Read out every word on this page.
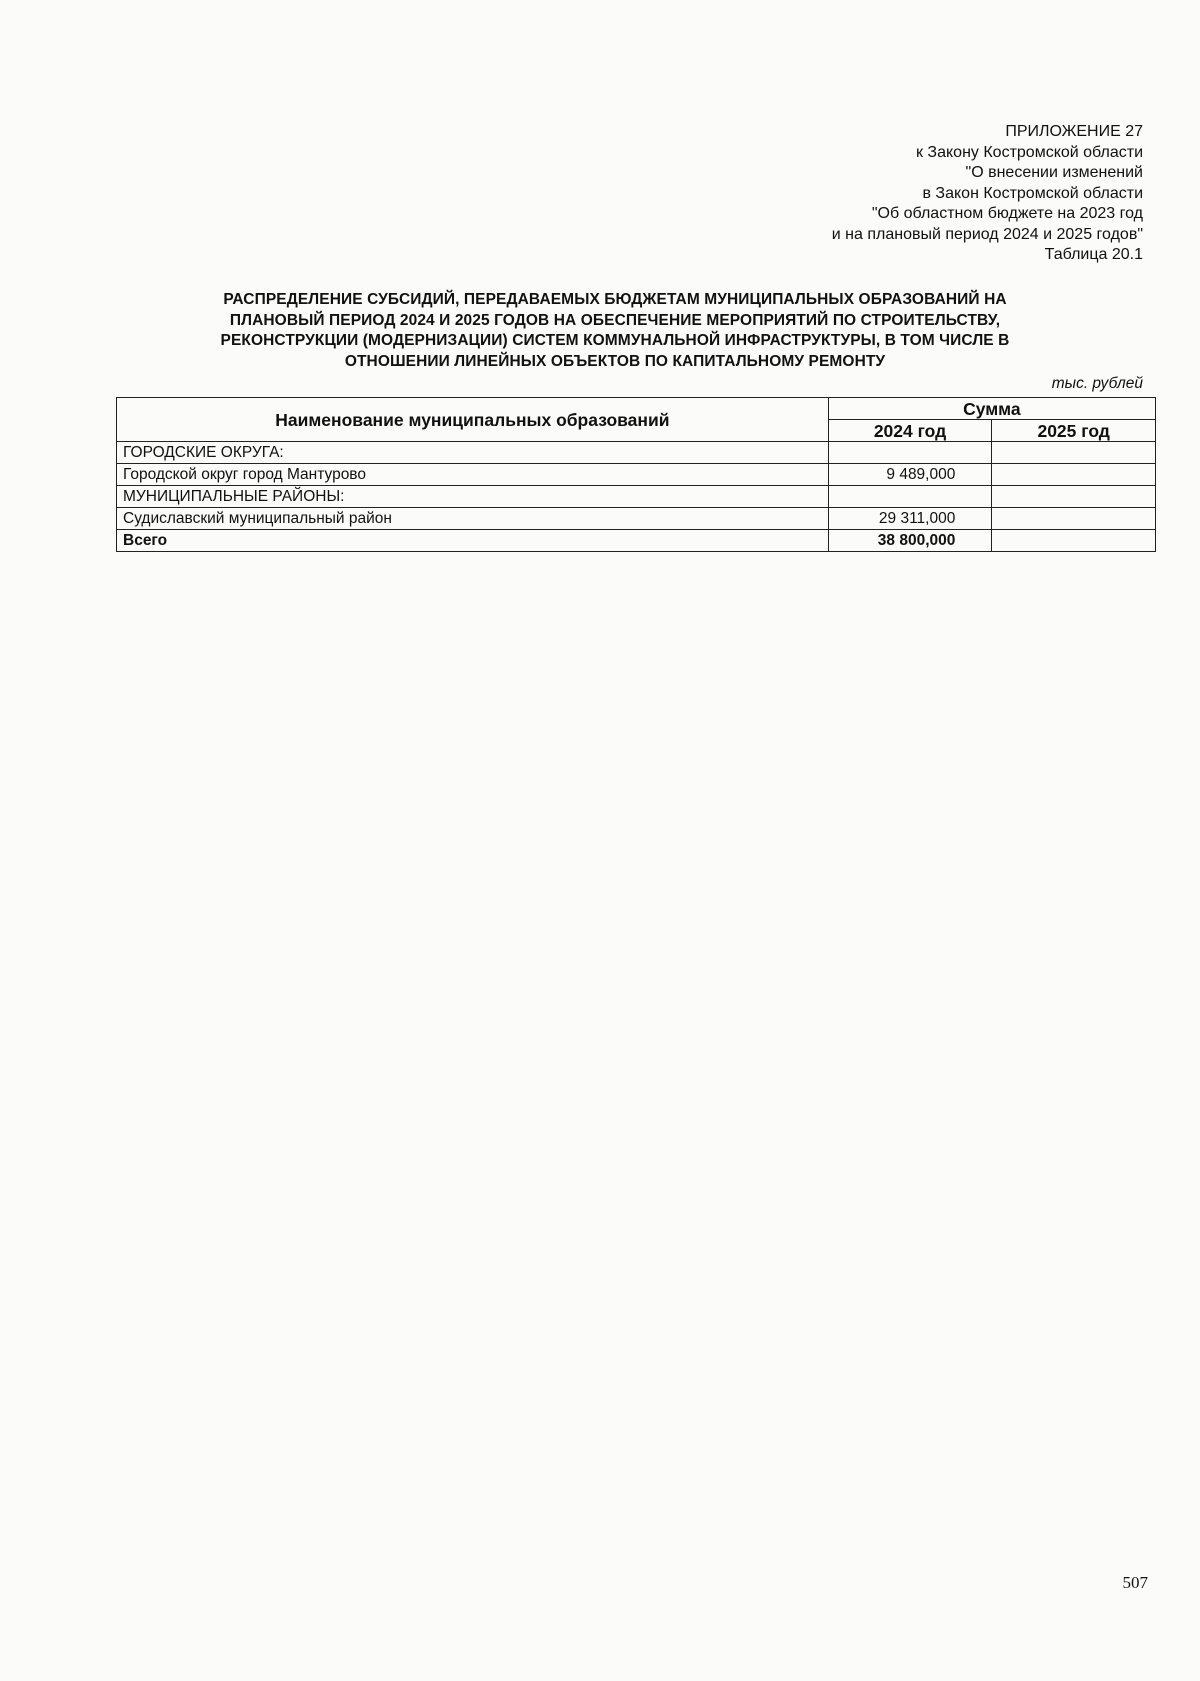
ПРИЛОЖЕНИЕ 27
к Закону Костромской области
"О внесении изменений
в Закон Костромской области
"Об областном бюджете на 2023 год
и на плановый период 2024 и 2025 годов"
Таблица 20.1
РАСПРЕДЕЛЕНИЕ СУБСИДИЙ, ПЕРЕДАВАЕМЫХ БЮДЖЕТАМ МУНИЦИПАЛЬНЫХ ОБРАЗОВАНИЙ НА
ПЛАНОВЫЙ ПЕРИОД 2024 И 2025 ГОДОВ НА ОБЕСПЕЧЕНИЕ МЕРОПРИЯТИЙ ПО СТРОИТЕЛЬСТВУ,
РЕКОНСТРУКЦИИ (МОДЕРНИЗАЦИИ) СИСТЕМ КОММУНАЛЬНОЙ ИНФРАСТРУКТУРЫ, В ТОМ ЧИСЛЕ В
ОТНОШЕНИИ ЛИНЕЙНЫХ ОБЪЕКТОВ ПО КАПИТАЛЬНОМУ РЕМОНТУ
тыс. рублей
Наименование муниципальных образований	Сумма	
	2024 год	2025 год
ГОРОДСКИЕ ОКРУГА:		
Городской округ город Мантурово	9 489,000	
МУНИЦИПАЛЬНЫЕ РАЙОНЫ:		
Судиславский муниципальный район	29 311,000	
Всего	38 800,000	
507
